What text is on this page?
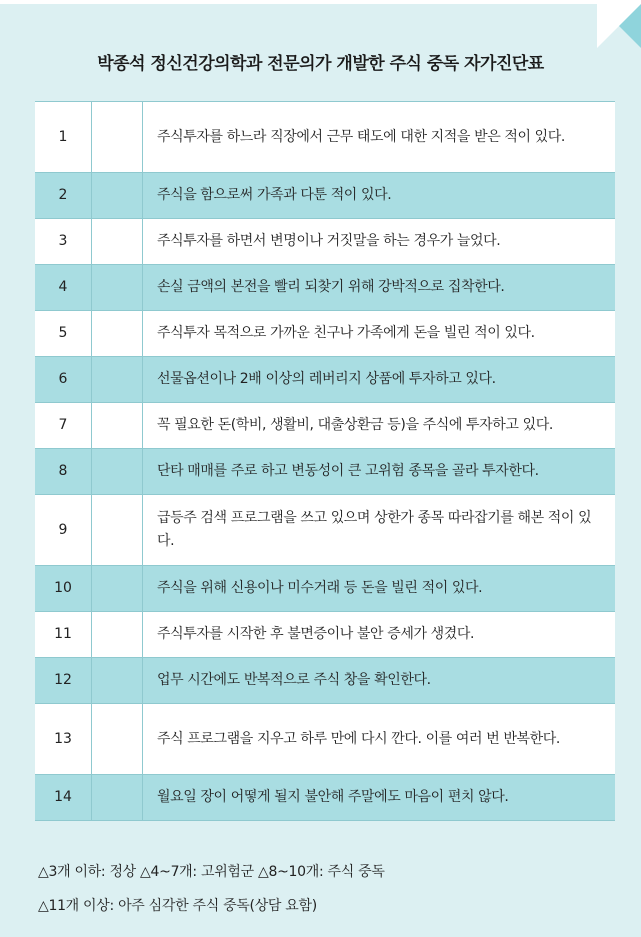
박종석 정신건강의학과 전문의가 개발한 주식 중독 자가진단표
1		주식투자를 하느라 직장에서 근무 태도에 대한 지적을 받은 적이 있다.
2		주식을 함으로써 가족과 다툰 적이 있다.
3		주식투자를 하면서 변명이나 거짓말을 하는 경우가 늘었다.
4		손실 금액의 본전을 빨리 되찾기 위해 강박적으로 집착한다.
5		주식투자 목적으로 가까운 친구나 가족에게 돈을 빌린 적이 있다.
6		선물옵션이나 2배 이상의 레버리지 상품에 투자하고 있다.
7		꼭 필요한 돈(학비, 생활비, 대출상환금 등)을 주식에 투자하고 있다.
8		단타 매매를 주로 하고 변동성이 큰 고위험 종목을 골라 투자한다.
9		급등주 검색 프로그램을 쓰고 있으며 상한가 종목 따라잡기를 해본 적이 있다.
10		주식을 위해 신용이나 미수거래 등 돈을 빌린 적이 있다.
11		주식투자를 시작한 후 불면증이나 불안 증세가 생겼다.
12		업무 시간에도 반복적으로 주식 창을 확인한다.
13		주식 프로그램을 지우고 하루 만에 다시 깐다. 이를 여러 번 반복한다.
14		월요일 장이 어떻게 될지 불안해 주말에도 마음이 편치 않다.
△3개 이하: 정상 △4~7개: 고위험군 △8~10개: 주식 중독
△11개 이상: 아주 심각한 주식 중독(상담 요함)
